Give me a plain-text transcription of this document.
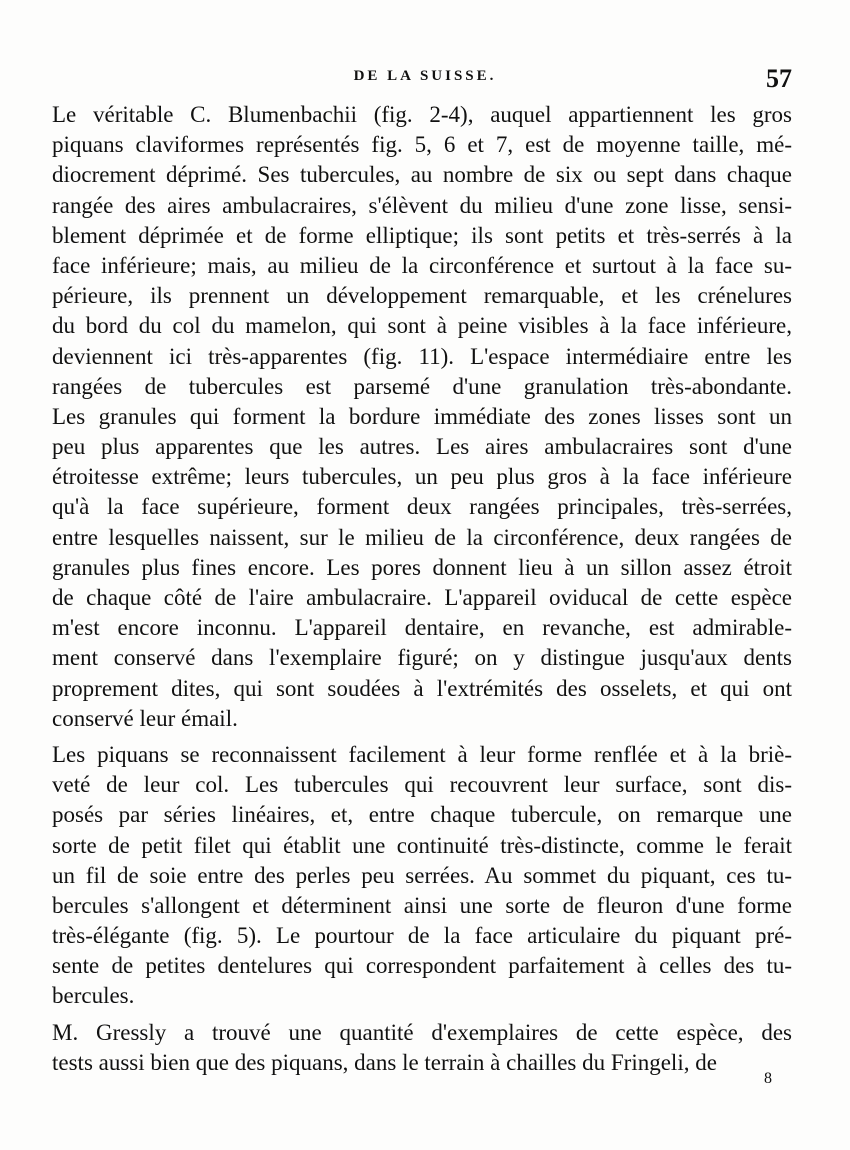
DE LA SUISSE.	57
Le véritable C. Blumenbachii (fig. 2-4), auquel appartiennent les gros
piquans claviformes représentés fig. 5, 6 et 7, est de moyenne taille, mé-
diocrement déprimé. Ses tubercules, au nombre de six ou sept dans chaque
rangée des aires ambulacraires, s'élèvent du milieu d'une zone lisse, sensi-
blement déprimée et de forme elliptique; ils sont petits et très-serrés à la
face inférieure; mais, au milieu de la circonférence et surtout à la face su-
périeure, ils prennent un développement remarquable, et les crénelures
du bord du col du mamelon, qui sont à peine visibles à la face inférieure,
deviennent ici très-apparentes (fig. 11). L'espace intermédiaire entre les
rangées de tubercules est parsemé d'une granulation très-abondante.
Les granules qui forment la bordure immédiate des zones lisses sont un
peu plus apparentes que les autres. Les aires ambulacraires sont d'une
étroitesse extrême; leurs tubercules, un peu plus gros à la face inférieure
qu'à la face supérieure, forment deux rangées principales, très-serrées,
entre lesquelles naissent, sur le milieu de la circonférence, deux rangées de
granules plus fines encore. Les pores donnent lieu à un sillon assez étroit
de chaque côté de l'aire ambulacraire. L'appareil oviducal de cette espèce
m'est encore inconnu. L'appareil dentaire, en revanche, est admirable-
ment conservé dans l'exemplaire figuré; on y distingue jusqu'aux dents
proprement dites, qui sont soudées à l'extrémités des osselets, et qui ont
conservé leur émail.
Les piquans se reconnaissent facilement à leur forme renflée et à la briè-
veté de leur col. Les tubercules qui recouvrent leur surface, sont dis-
posés par séries linéaires, et, entre chaque tubercule, on remarque une
sorte de petit filet qui établit une continuité très-distincte, comme le ferait
un fil de soie entre des perles peu serrées. Au sommet du piquant, ces tu-
bercules s'allongent et déterminent ainsi une sorte de fleuron d'une forme
très-élégante (fig. 5). Le pourtour de la face articulaire du piquant pré-
sente de petites dentelures qui correspondent parfaitement à celles des tu-
bercules.
M. Gressly a trouvé une quantité d'exemplaires de cette espèce, des
tests aussi bien que des piquans, dans le terrain à chailles du Fringeli, de
8
